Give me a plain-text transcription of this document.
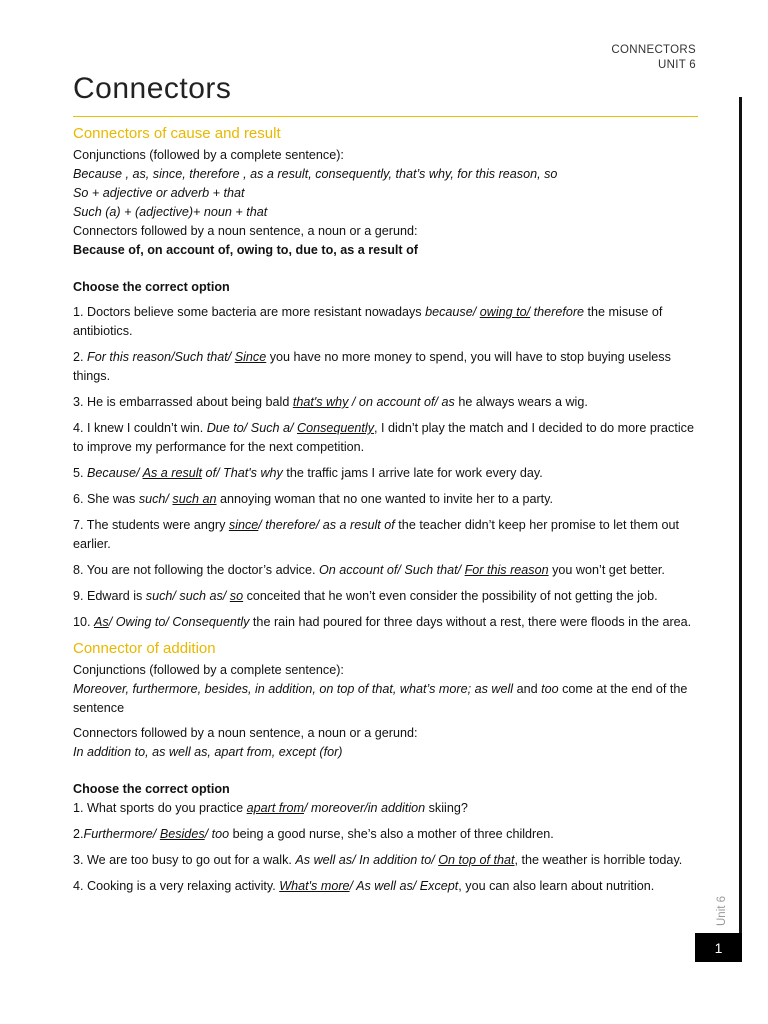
CONNECTORS
UNIT 6
Connectors
Unit 6
1

Connectors of cause and result

Conjunctions (followed by a complete sentence):

Because , as, since, therefore , as a result, consequently, that’s why, for this reason, so

So + adjective or adverb + that

Such (a) + (adjective)+ noun + that

Connectors followed by a noun sentence, a noun or a gerund:

Because of, on account of, owing to, due to, as a result of

Choose the correct option

1. Doctors believe some bacteria are more resistant nowadays because/ owing to/ therefore the misuse of antibiotics.

2. For this reason/Such that/ Since you have no more money to spend, you will have to stop buying useless things.

3. He is embarrassed about being bald that's why / on account of/ as he always wears a wig.

4. I knew I couldn’t win. Due to/ Such a/ Consequently, I didn’t play the match and I decided to do more practice to improve my performance for the next competition.

5. Because/ As a result of/ That's why the traffic jams I arrive late for work every day.

6. She was such/ such an annoying woman that no one wanted to invite her to a party.

7. The students were angry since/ therefore/ as a result of the teacher didn’t keep her promise to let them out earlier.

8. You are not following the doctor’s advice. On account of/ Such that/ For this reason you won’t get better.

9. Edward is such/ such as/ so conceited that he won’t even consider the possibility of not getting the job.

10. As/ Owing to/ Consequently the rain had poured for three days without a rest, there were floods in the area.

Connector of addition

Conjunctions (followed by a complete sentence):

Moreover, furthermore, besides, in addition, on top of that, what’s more; as well and too come at the end of the sentence

Connectors followed by a noun sentence, a noun or a gerund:

In addition to, as well as, apart from, except (for)

Choose the correct option

1. What sports do you practice apart from/ moreover/in addition skiing?

2.Furthermore/ Besides/ too being a good nurse, she’s also a mother of three children.

3. We are too busy to go out for a walk. As well as/ In addition to/ On top of that, the weather is horrible today.

4. Cooking is a very relaxing activity. What's more/ As well as/ Except, you can also learn about nutrition.
